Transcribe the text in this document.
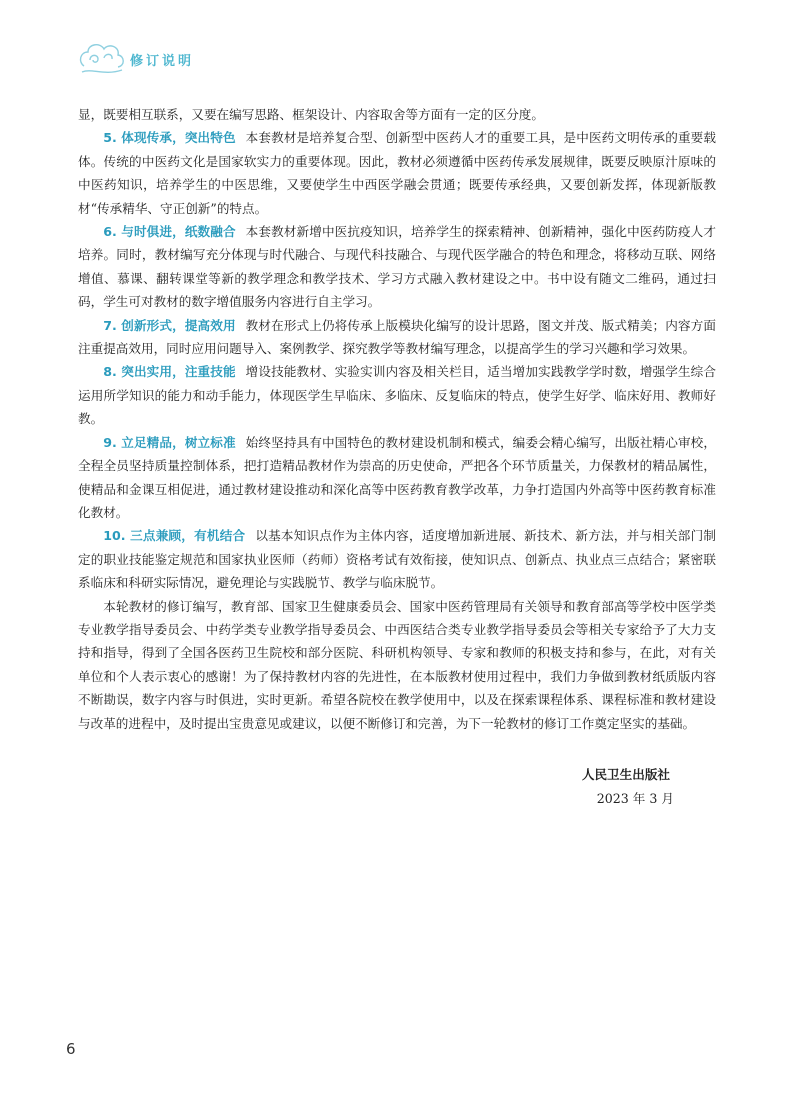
修订说明

显，既要相互联系，又要在编写思路、框架设计、内容取舍等方面有一定的区分度。

5. 体现传承，突出特色 本套教材是培养复合型、创新型中医药人才的重要工具，是中医药文明传承的重要载体。传统的中医药文化是国家软实力的重要体现。因此，教材必须遵循中医药传承发展规律，既要反映原汁原味的中医药知识，培养学生的中医思维，又要使学生中西医学融会贯通；既要传承经典，又要创新发挥，体现新版教材“传承精华、守正创新”的特点。

6. 与时俱进，纸数融合 本套教材新增中医抗疫知识，培养学生的探索精神、创新精神，强化中医药防疫人才培养。同时，教材编写充分体现与时代融合、与现代科技融合、与现代医学融合的特色和理念，将移动互联、网络增值、慕课、翻转课堂等新的教学理念和教学技术、学习方式融入教材建设之中。书中设有随文二维码，通过扫码，学生可对教材的数字增值服务内容进行自主学习。

7. 创新形式，提高效用 教材在形式上仍将传承上版模块化编写的设计思路，图文并茂、版式精美；内容方面注重提高效用，同时应用问题导入、案例教学、探究教学等教材编写理念，以提高学生的学习兴趣和学习效果。

8. 突出实用，注重技能 增设技能教材、实验实训内容及相关栏目，适当增加实践教学学时数，增强学生综合运用所学知识的能力和动手能力，体现医学生早临床、多临床、反复临床的特点，使学生好学、临床好用、教师好教。

9. 立足精品，树立标准 始终坚持具有中国特色的教材建设机制和模式，编委会精心编写，出版社精心审校，全程全员坚持质量控制体系，把打造精品教材作为崇高的历史使命，严把各个环节质量关，力保教材的精品属性，使精品和金课互相促进，通过教材建设推动和深化高等中医药教育教学改革，力争打造国内外高等中医药教育标准化教材。

10. 三点兼顾，有机结合 以基本知识点作为主体内容，适度增加新进展、新技术、新方法，并与相关部门制定的职业技能鉴定规范和国家执业医师（药师）资格考试有效衔接，使知识点、创新点、执业点三点结合；紧密联系临床和科研实际情况，避免理论与实践脱节、教学与临床脱节。

本轮教材的修订编写，教育部、国家卫生健康委员会、国家中医药管理局有关领导和教育部高等学校中医学类专业教学指导委员会、中药学类专业教学指导委员会、中西医结合类专业教学指导委员会等相关专家给予了大力支持和指导，得到了全国各医药卫生院校和部分医院、科研机构领导、专家和教师的积极支持和参与，在此，对有关单位和个人表示衷心的感谢！为了保持教材内容的先进性，在本版教材使用过程中，我们力争做到教材纸质版内容不断勘误，数字内容与时俱进，实时更新。希望各院校在教学使用中，以及在探索课程体系、课程标准和教材建设与改革的进程中，及时提出宝贵意见或建议，以便不断修订和完善，为下一轮教材的修订工作奠定坚实的基础。

人民卫生出版社
2023 年 3 月
6
